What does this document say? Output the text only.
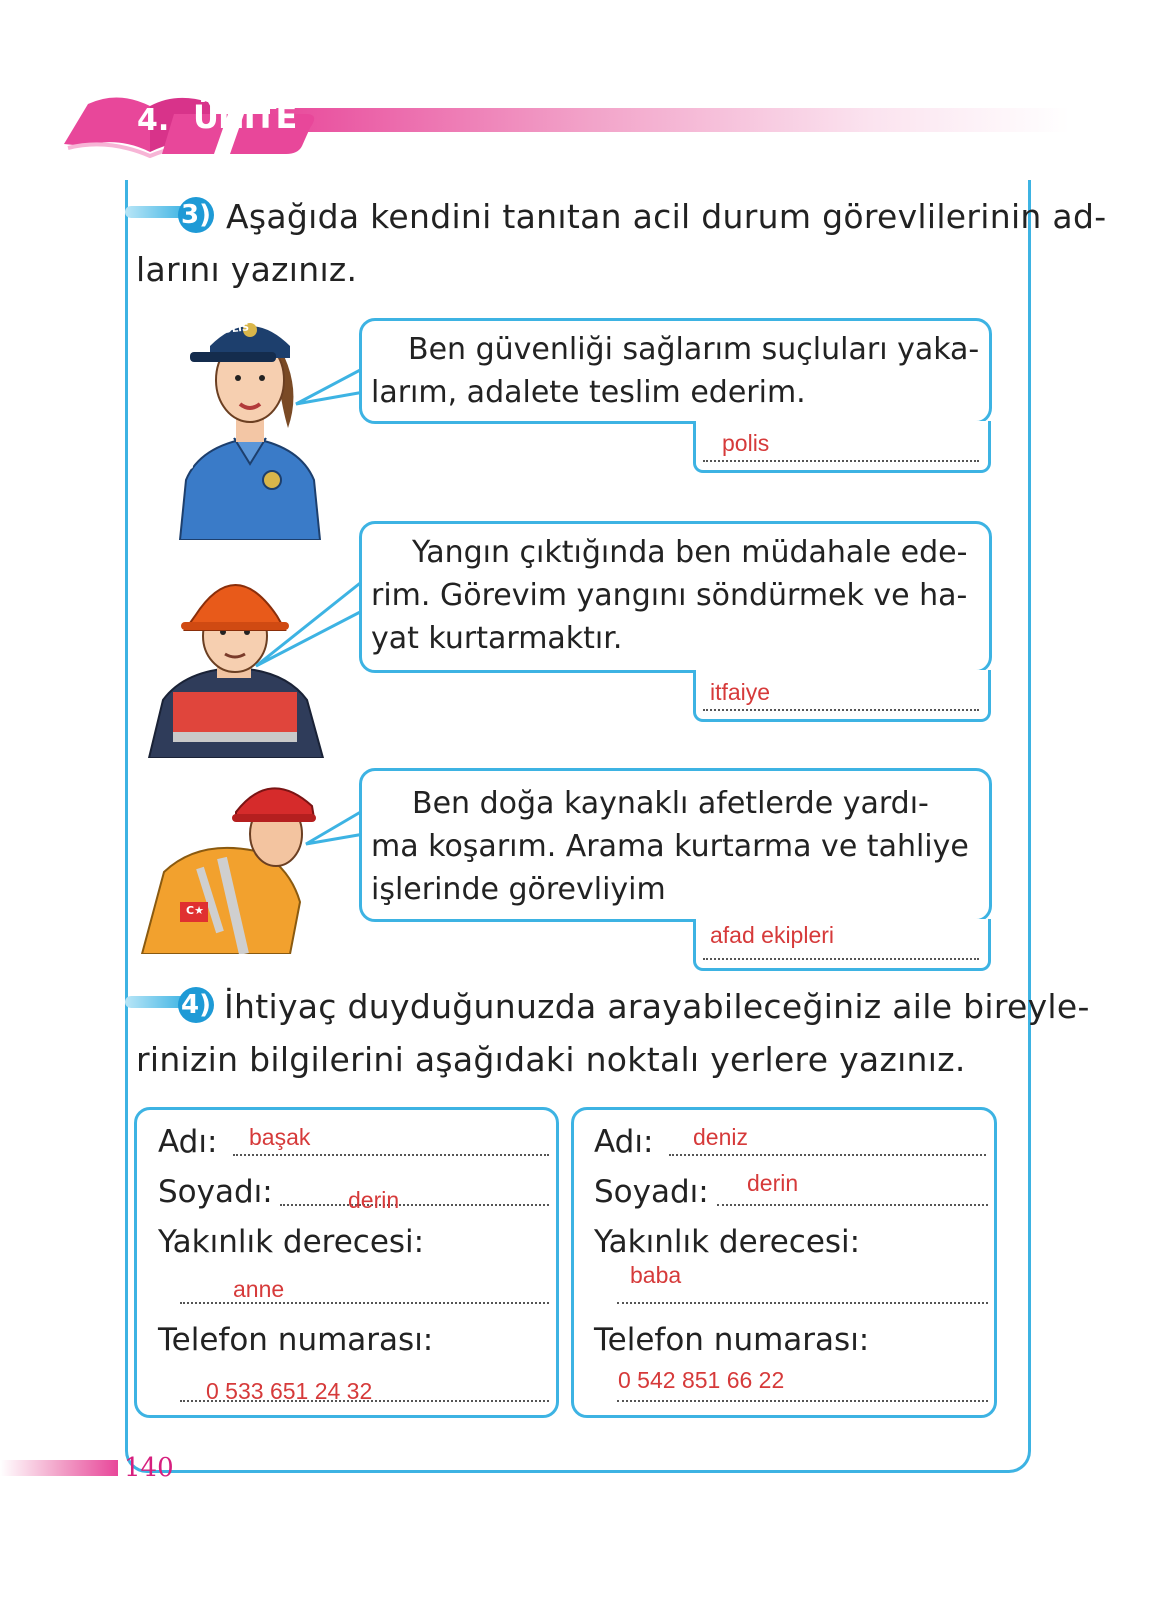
4. ÜNİTE
3) Aşağıda kendini tanıtan acil durum görevlilerinin ad-
larını yazınız.
POLİS
POLİS
Ben güvenliği sağlarım suçluları yaka-
larım, adalete teslim ederim.
polis
Yangın çıktığında ben müdahale ede-
rim. Görevim yangını söndürmek ve ha-
yat kurtarmaktır.
itfaiye
C★
Ben doğa kaynaklı afetlerde yardı-
ma koşarım. Arama kurtarma ve tahliye
işlerinde görevliyim
afad ekipleri
4) İhtiyaç duyduğunuzda arayabileceğiniz aile bireyle-
rinizin bilgilerini aşağıdaki noktalı yerlere yazınız.
Adı: başak
Soyadı:	derin
Yakınlık derecesi:
anne
Telefon numarası:
0 533 651 24 32
Adı: deniz
Soyadı: derin
Yakınlık derecesi:
baba
Telefon numarası:
0 542 851 66 22
140
